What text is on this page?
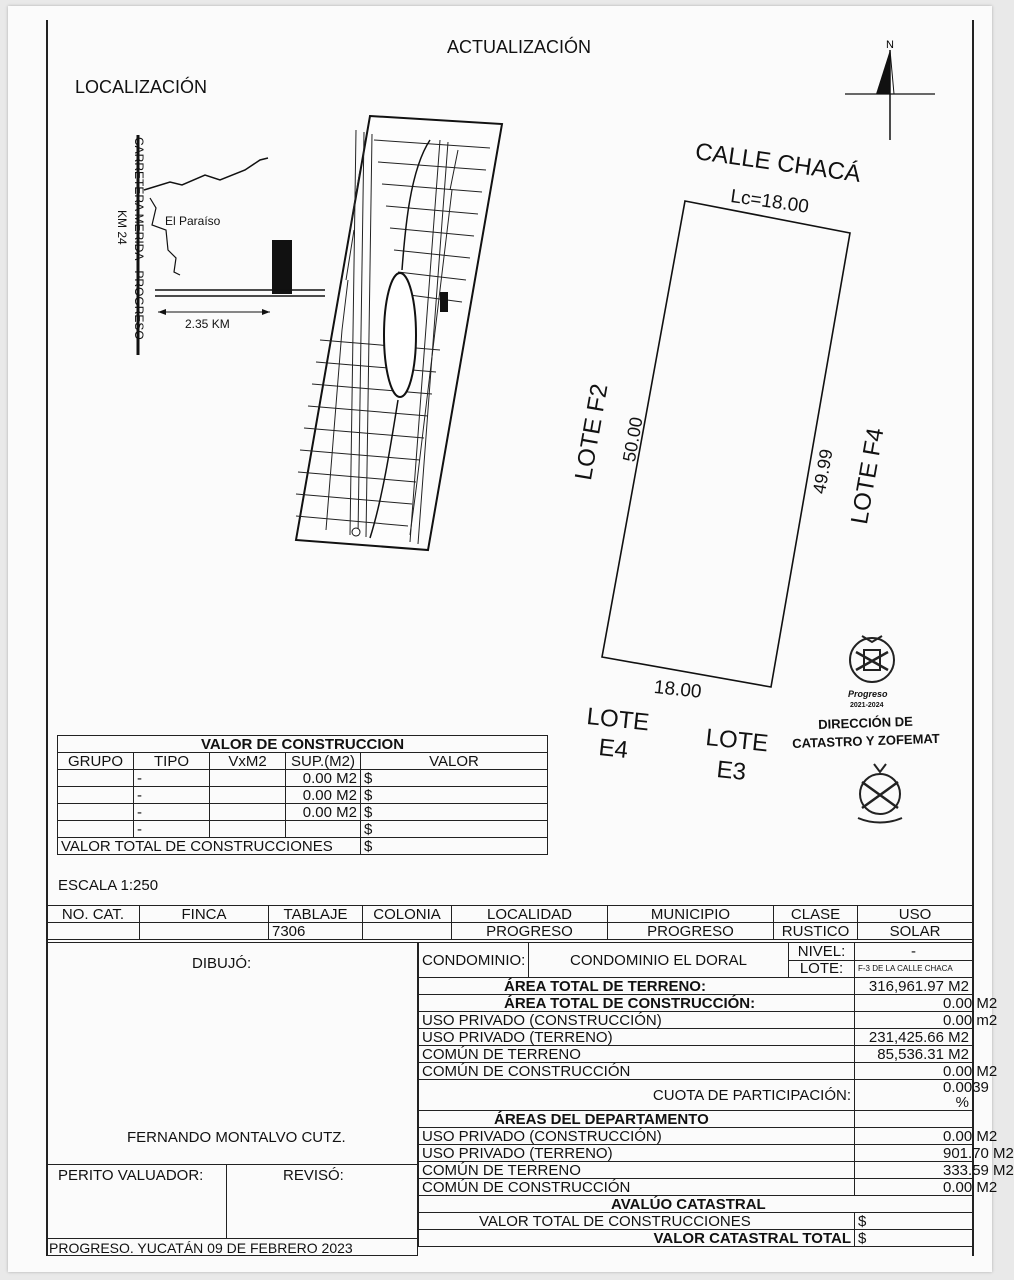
ACTUALIZACIÓN
LOCALIZACIÓN
N
El Paraíso
2.35 KM
CARRETERA MERIDA - PROGRESO
KM 24
CALLE CHACÁ
Lc=18.00
18.00
50.00
49.99
LOTE F2	LOTE F4
LOTE
E4	LOTE
E3
Progreso
2021-2024
DIRECCIÓN DE
CATASTRO Y ZOFEMAT
VALOR DE CONSTRUCCION				
GRUPO	TIPO	VxM2	SUP.(M2)	VALOR
	-		0.00 M2	$
	-		0.00 M2	$
	-		0.00 M2	$
	-			$
VALOR TOTAL DE CONSTRUCCIONES				$
ESCALA 1:250
NO. CAT.	FINCA	TABLAJE	COLONIA	LOCALIDAD	MUNICIPIO	CLASE	USO
		7306		PROGRESO	PROGRESO	RUSTICO	SOLAR
DIBUJÓ:
FERNANDO MONTALVO CUTZ.
PERITO VALUADOR:	REVISÓ:
PROGRESO. YUCATÁN 09 DE FEBRERO 2023
CONDOMINIO:	CONDOMINIO EL DORAL	NIVEL:	-
		LOTE:	F-3 DE LA CALLE CHACA
ÁREA TOTAL DE TERRENO:			316,961.97 M2
ÁREA TOTAL DE CONSTRUCCIÓN:			0.00 M2
USO PRIVADO (CONSTRUCCIÓN)			0.00 m2
USO PRIVADO (TERRENO)			231,425.66 M2
COMÚN DE TERRENO			85,536.31 M2
COMÚN DE CONSTRUCCIÓN			0.00 M2
CUOTA DE PARTICIPACIÓN:			0.0039
%

ÁREAS DEL DEPARTAMENTO			
USO PRIVADO (CONSTRUCCIÓN)			0.00 M2
USO PRIVADO (TERRENO)			901.70 M2
COMÚN DE TERRENO			333.59 M2
COMÚN DE CONSTRUCCIÓN			0.00 M2
AVALÚO CATASTRAL			
VALOR TOTAL DE CONSTRUCCIONES			$
VALOR CATASTRAL TOTAL			$
